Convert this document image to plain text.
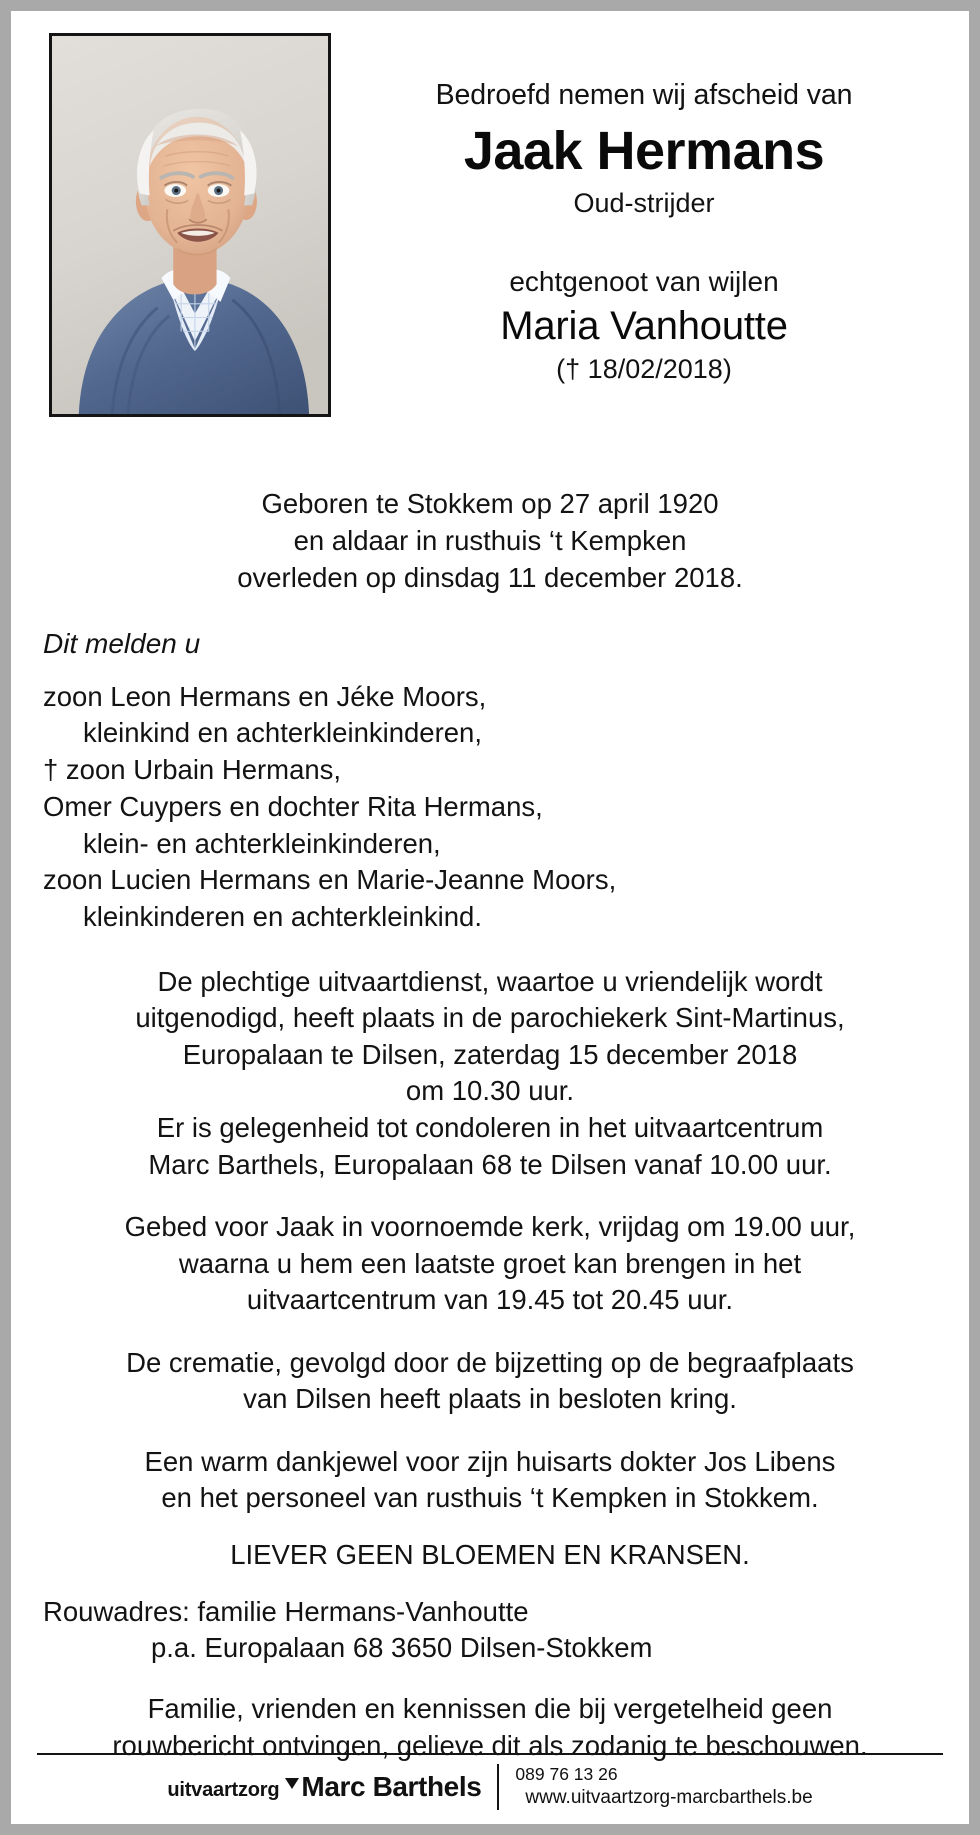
Bedroefd nemen wij afscheid van
Jaak Hermans
Oud-strijder
echtgenoot van wijlen
Maria Vanhoutte
(† 18/02/2018)
Geboren te Stokkem op 27 april 1920
en aldaar in rusthuis ‘t Kempken
overleden op dinsdag 11 december 2018.
Dit melden u
zoon Leon Hermans en Jéke Moors,
kleinkind en achterkleinkinderen,
† zoon Urbain Hermans,
Omer Cuypers en dochter Rita Hermans,
klein- en achterkleinkinderen,
zoon Lucien Hermans en Marie-Jeanne Moors,
kleinkinderen en achterkleinkind.
De plechtige uitvaartdienst, waartoe u vriendelijk wordt
uitgenodigd, heeft plaats in de parochiekerk Sint-Martinus,
Europalaan te Dilsen, zaterdag 15 december 2018
om 10.30 uur.
Er is gelegenheid tot condoleren in het uitvaartcentrum
Marc Barthels, Europalaan 68 te Dilsen vanaf 10.00 uur.
Gebed voor Jaak in voornoemde kerk, vrijdag om 19.00 uur,
waarna u hem een laatste groet kan brengen in het
uitvaartcentrum van 19.45 tot 20.45 uur.
De crematie, gevolgd door de bijzetting op de begraafplaats
van Dilsen heeft plaats in besloten kring.
Een warm dankjewel voor zijn huisarts dokter Jos Libens
en het personeel van rusthuis ‘t Kempken in Stokkem.
LIEVER GEEN BLOEMEN EN KRANSEN.
Rouwadres: familie Hermans-Vanhoutte
p.a. Europalaan 68 3650 Dilsen-Stokkem
Familie, vrienden en kennissen die bij vergetelheid geen
rouwbericht ontvingen, gelieve dit als zodanig te beschouwen.
uitvaartzorg Marc Barthels 089 76 13 26
www.uitvaartzorg-marcbarthels.be
